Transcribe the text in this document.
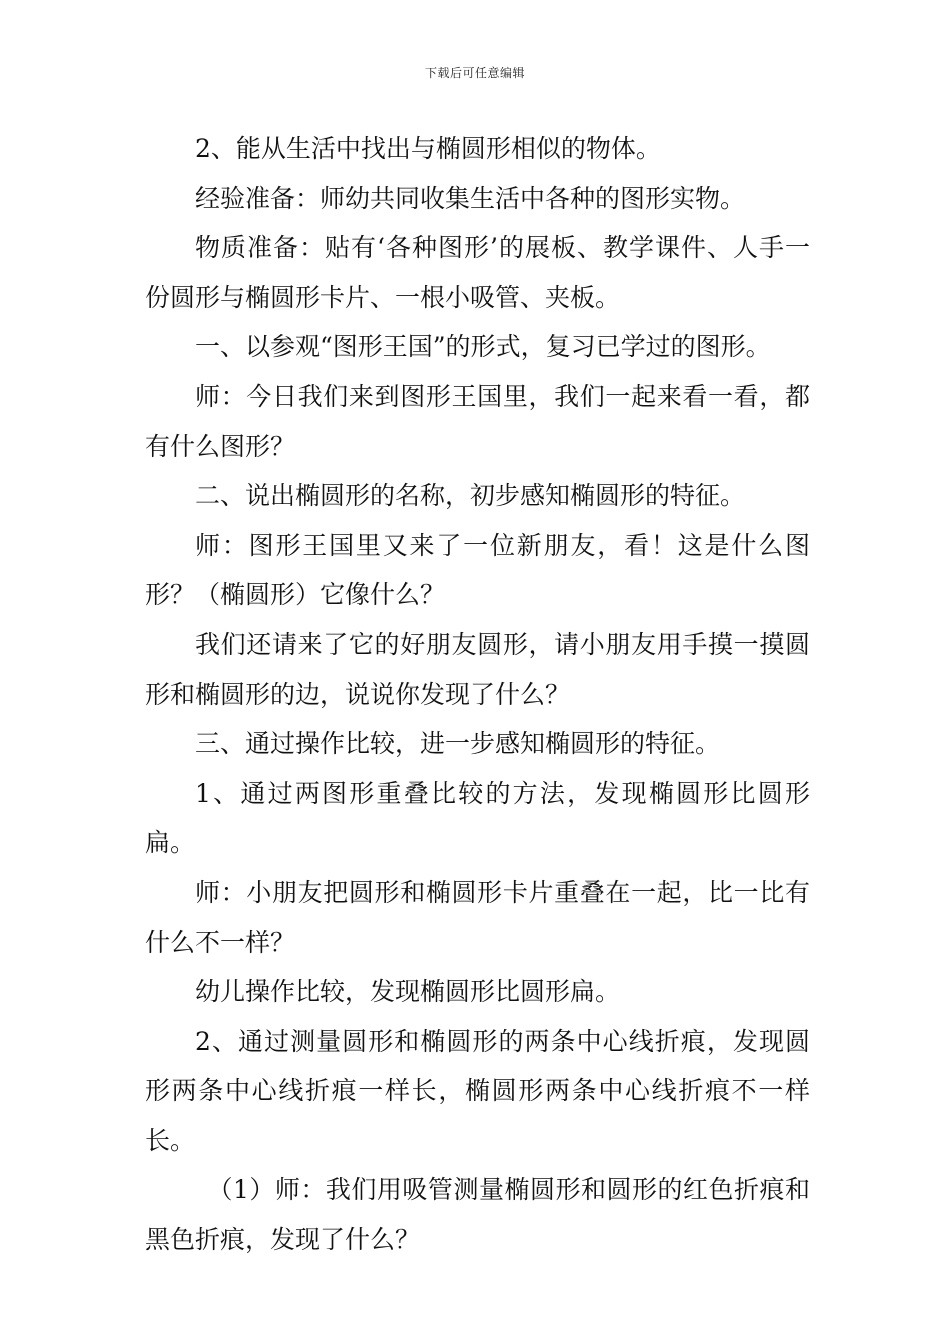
下载后可任意编辑

2、能从生活中找出与椭圆形相似的物体。

经验准备：师幼共同收集生活中各种的图形实物。

物质准备：贴有‘各种图形’的展板、教学课件、人手一份圆形与椭圆形卡片、一根小吸管、夹板。

一、以参观“图形王国”的形式，复习已学过的图形。

师：今日我们来到图形王国里，我们一起来看一看，都有什么图形？

二、说出椭圆形的名称，初步感知椭圆形的特征。

师：图形王国里又来了一位新朋友，看！这是什么图形？（椭圆形）它像什么？

我们还请来了它的好朋友圆形，请小朋友用手摸一摸圆形和椭圆形的边，说说你发现了什么？

三、通过操作比较，进一步感知椭圆形的特征。

1、通过两图形重叠比较的方法，发现椭圆形比圆形扁。

师：小朋友把圆形和椭圆形卡片重叠在一起，比一比有什么不一样？

幼儿操作比较，发现椭圆形比圆形扁。

2、通过测量圆形和椭圆形的两条中心线折痕，发现圆形两条中心线折痕一样长，椭圆形两条中心线折痕不一样长。

（1）师：我们用吸管测量椭圆形和圆形的红色折痕和黑色折痕，发现了什么？
